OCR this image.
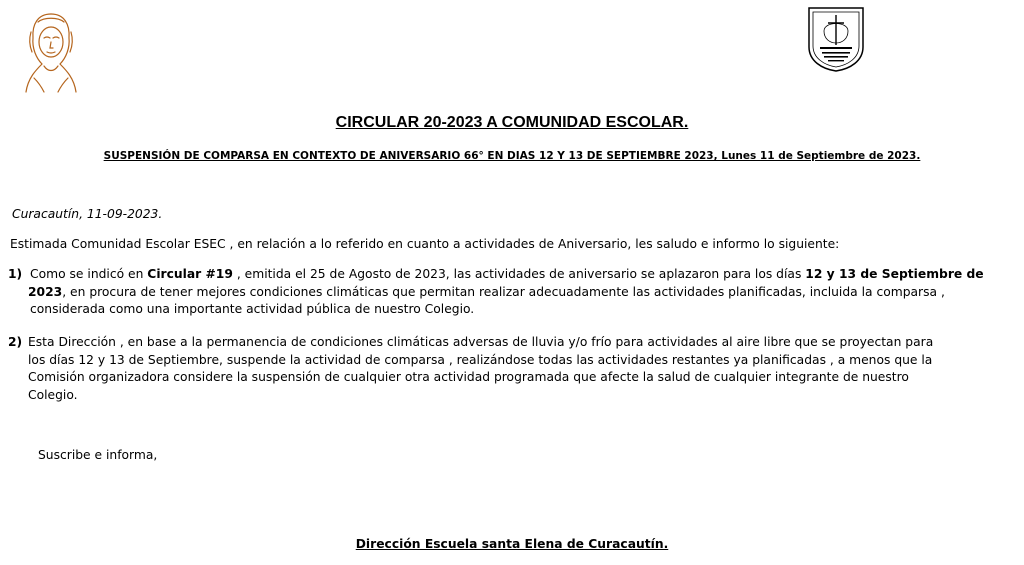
CIRCULAR 20-2023 A COMUNIDAD ESCOLAR.
SUSPENSIÓN DE COMPARSA EN CONTEXTO DE ANIVERSARIO 66° EN DIAS 12 Y 13 DE SEPTIEMBRE 2023, Lunes 11 de Septiembre de 2023.
Curacautín, 11-09-2023.
Estimada Comunidad Escolar ESEC , en relación a lo referido en cuanto a actividades de Aniversario, les saludo e informo lo siguiente:
1) Como se indicó en Circular #19 , emitida el 25 de Agosto de 2023, las actividades de aniversario se aplazaron para los días 12 y 13 de Septiembre de
2023, en procura de tener mejores condiciones climáticas que permitan realizar adecuadamente las actividades planificadas, incluida la comparsa ,
considerada como una importante actividad pública de nuestro Colegio.
2) Esta Dirección , en base a la permanencia de condiciones climáticas adversas de lluvia y/o frío para actividades al aire libre que se proyectan para
los días 12 y 13 de Septiembre, suspende la actividad de comparsa , realizándose todas las actividades restantes ya planificadas , a menos que la
Comisión organizadora considere la suspensión de cualquier otra actividad programada que afecte la salud de cualquier integrante de nuestro
Colegio.
Suscribe e informa,
Dirección Escuela santa Elena de Curacautín.
